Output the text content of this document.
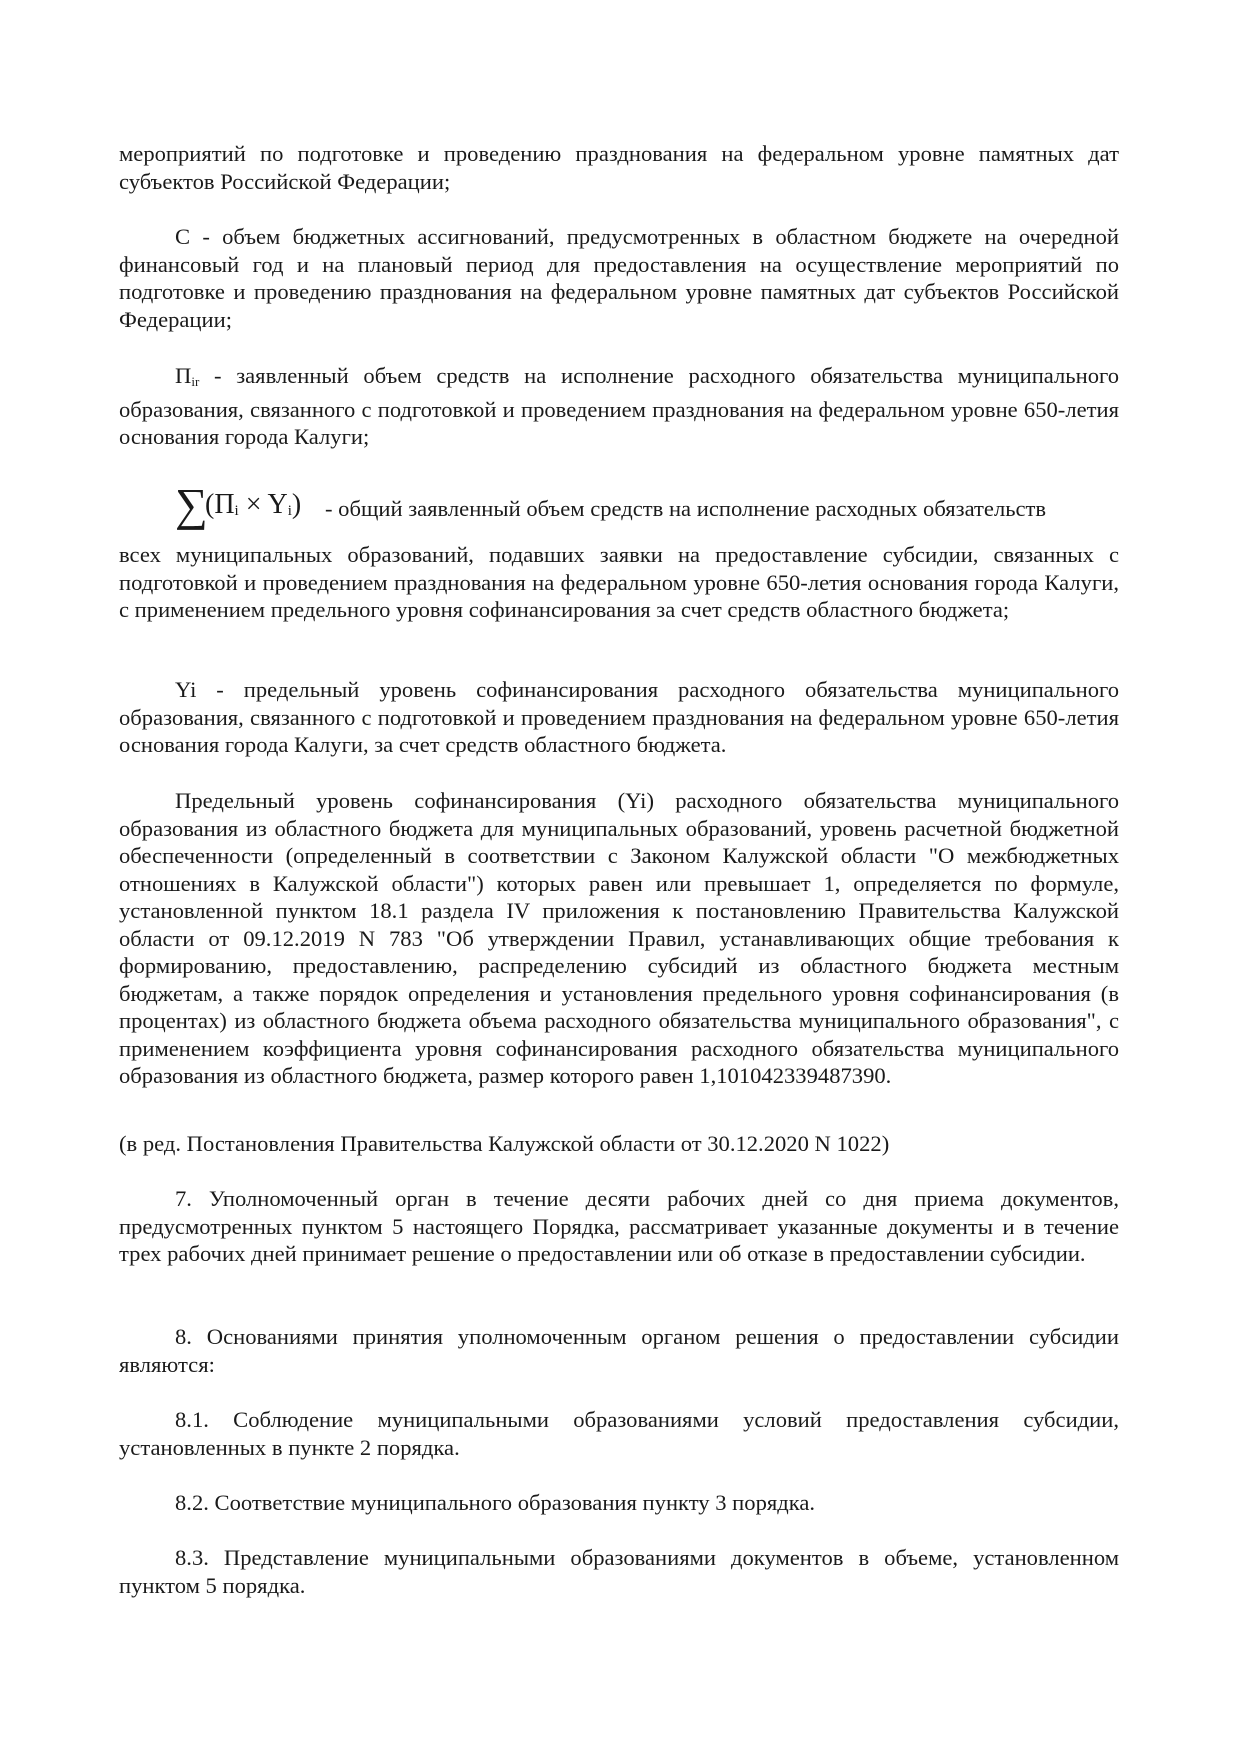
мероприятий по подготовке и проведению празднования на федеральном уровне памятных дат субъектов Российской Федерации;

C - объем бюджетных ассигнований, предусмотренных в областном бюджете на очередной финансовый год и на плановый период для предоставления на осуществление мероприятий по подготовке и проведению празднования на федеральном уровне памятных дат субъектов Российской Федерации;

$П_{ir}$ - заявленный объем средств на исполнение расходного обязательства муниципального образования, связанного с подготовкой и проведением празднования на федеральном уровне 650-летия основания города Калуги;

∑
(Пi × Yi) - общий заявленный объем средств на исполнение расходных обязательств

всех муниципальных образований, подавших заявки на предоставление субсидии, связанных с подготовкой и проведением празднования на федеральном уровне 650-летия основания города Калуги, с применением предельного уровня софинансирования за счет средств областного бюджета;

Yi - предельный уровень софинансирования расходного обязательства муниципального образования, связанного с подготовкой и проведением празднования на федеральном уровне 650-летия основания города Калуги, за счет средств областного бюджета.

Предельный уровень софинансирования (Yi) расходного обязательства муниципального образования из областного бюджета для муниципальных образований, уровень расчетной бюджетной обеспеченности (определенный в соответствии с Законом Калужской области "О межбюджетных отношениях в Калужской области") которых равен или превышает 1, определяется по формуле, установленной пунктом 18.1 раздела IV приложения к постановлению Правительства Калужской области от 09.12.2019 N 783 "Об утверждении Правил, устанавливающих общие требования к формированию, предоставлению, распределению субсидий из областного бюджета местным бюджетам, а также порядок определения и установления предельного уровня софинансирования (в процентах) из областного бюджета объема расходного обязательства муниципального образования", с применением коэффициента уровня софинансирования расходного обязательства муниципального образования из областного бюджета, размер которого равен 1,101042339487390.

(в ред. Постановления Правительства Калужской области от 30.12.2020 N 1022)

7. Уполномоченный орган в течение десяти рабочих дней со дня приема документов, предусмотренных пунктом 5 настоящего Порядка, рассматривает указанные документы и в течение трех рабочих дней принимает решение о предоставлении или об отказе в предоставлении субсидии.

8. Основаниями принятия уполномоченным органом решения о предоставлении субсидии являются:

8.1. Соблюдение муниципальными образованиями условий предоставления субсидии, установленных в пункте 2 порядка.

8.2. Соответствие муниципального образования пункту 3 порядка.

8.3. Представление муниципальными образованиями документов в объеме, установленном пунктом 5 порядка.
